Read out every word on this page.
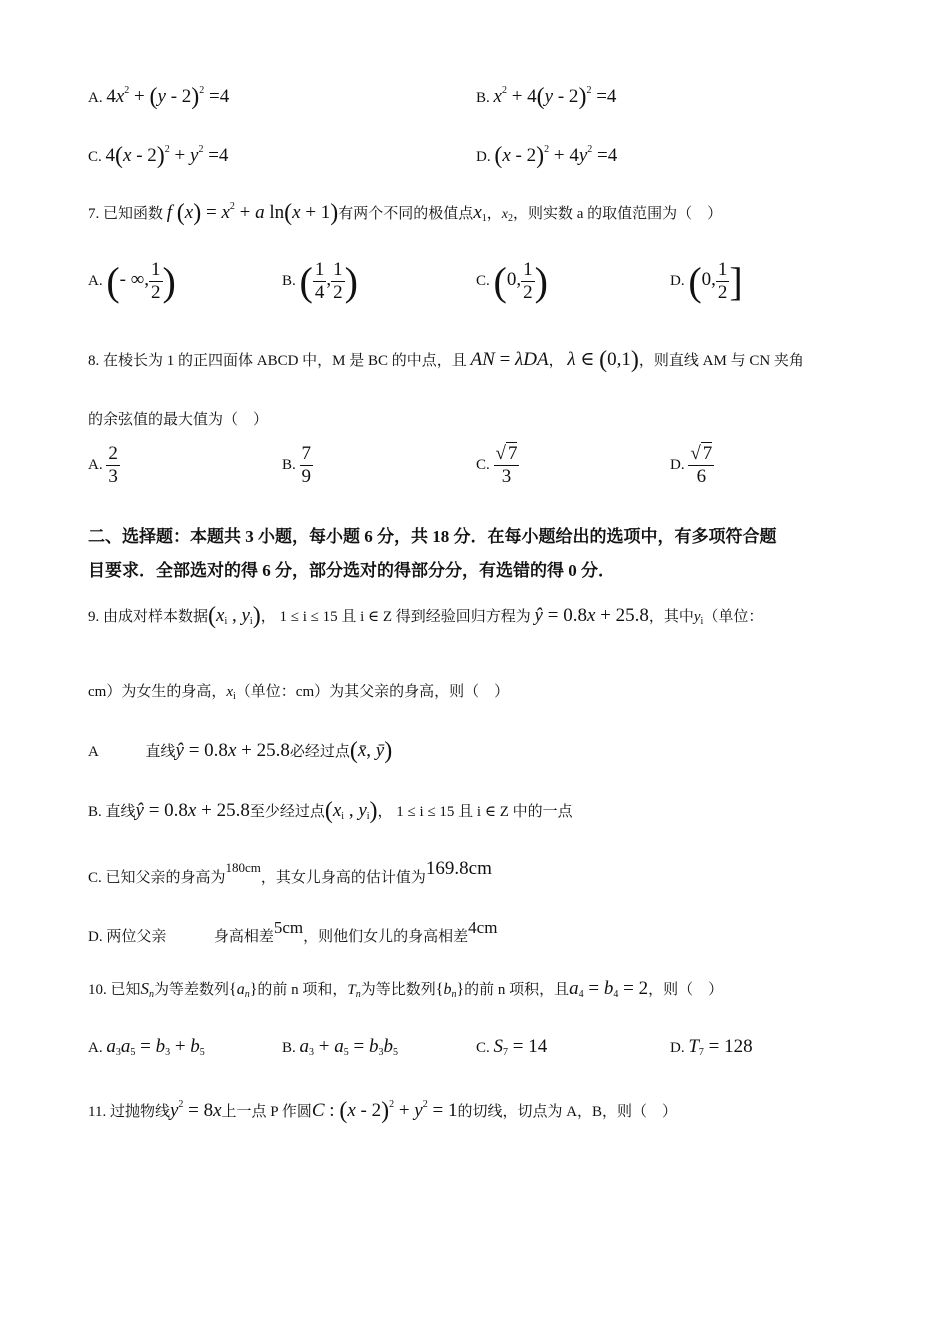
A. $4x^2 + (y - 2)^2 =4$	B. $x^2 + 4(y - 2)^2 =4$
C. $4(x - 2)^2 + y^2 =4$	D. $(x - 2)^2 + 4y^2 =4$
7. 已知函数 f $(x) = x^2 + a$ ln(x + 1)有两个不同的极值点$x_1$，$x_2$，则实数 a 的取值范围为（　）
A. (- ∞, $\frac{1}{2}$ )	B. ( $\frac{1}{4}$ , $\frac{1}{2}$ )	C. (0, $\frac{1}{2}$ )	D. (0, $\frac{1}{2}$ ]
8. 在棱长为 1 的正四面体 ABCD 中，M 是 BC 的中点，且 AN = λDA， λ ∈ (0,1)，则直线 AM 与 CN 夹角
的余弦值的最大值为（　）
A. $\frac{2}{3}$	B. $\frac{7}{9}$	C. $\frac{√ 7}{3}$	D. $\frac{√ 7}{6}$
二、选择题：本题共 3 小题，每小题 6 分，共 18 分．在每小题给出的选项中，有多项符合题
目要求．全部选对的得 6 分，部分选对的得部分分，有选错的得 0 分．
9. 由成对样本数据($x_i$ , $y_i$)， 1 ≤ i ≤ 15 且 i ∈ Z 得到经验回归方程为 ŷ = 0.8x + 25.8，其中$y_i$（单位：
cm）为女生的身高，$x_i$（单位：cm）为其父亲的身高，则（　）
A	直线ŷ = 0.8x + 25.8必经过点(x̄, ȳ)
B. 直线ŷ = 0.8x + 25.8至少经过点($x_i$ , $y_i$)， 1 ≤ i ≤ 15 且 i ∈ Z 中的一点
C. 已知父亲的身高为180cm，其女儿身高的估计值为169.8cm
D. 两位父亲	身高相差5cm，则他们女儿的身高相差4cm
10. 已知$S_n$为等差数列$\{a_n\}$的前 n 项和，$T_n$为等比数列$\{b_n\}$的前 n 项积，且$a_4 = b_4 = 2$，则（　）
A. $a_3a_5 = b_3 + b_5$	B. $a_3 + a_5 = b_3b_5$	C. $S_7 = 14$	D. $T_7 = 128$
11. 过抛物线$y^2 = 8x$上一点 P 作圆C : $(x - 2)^2 + y^2 = 1$的切线，切点为 A，B，则（　）
